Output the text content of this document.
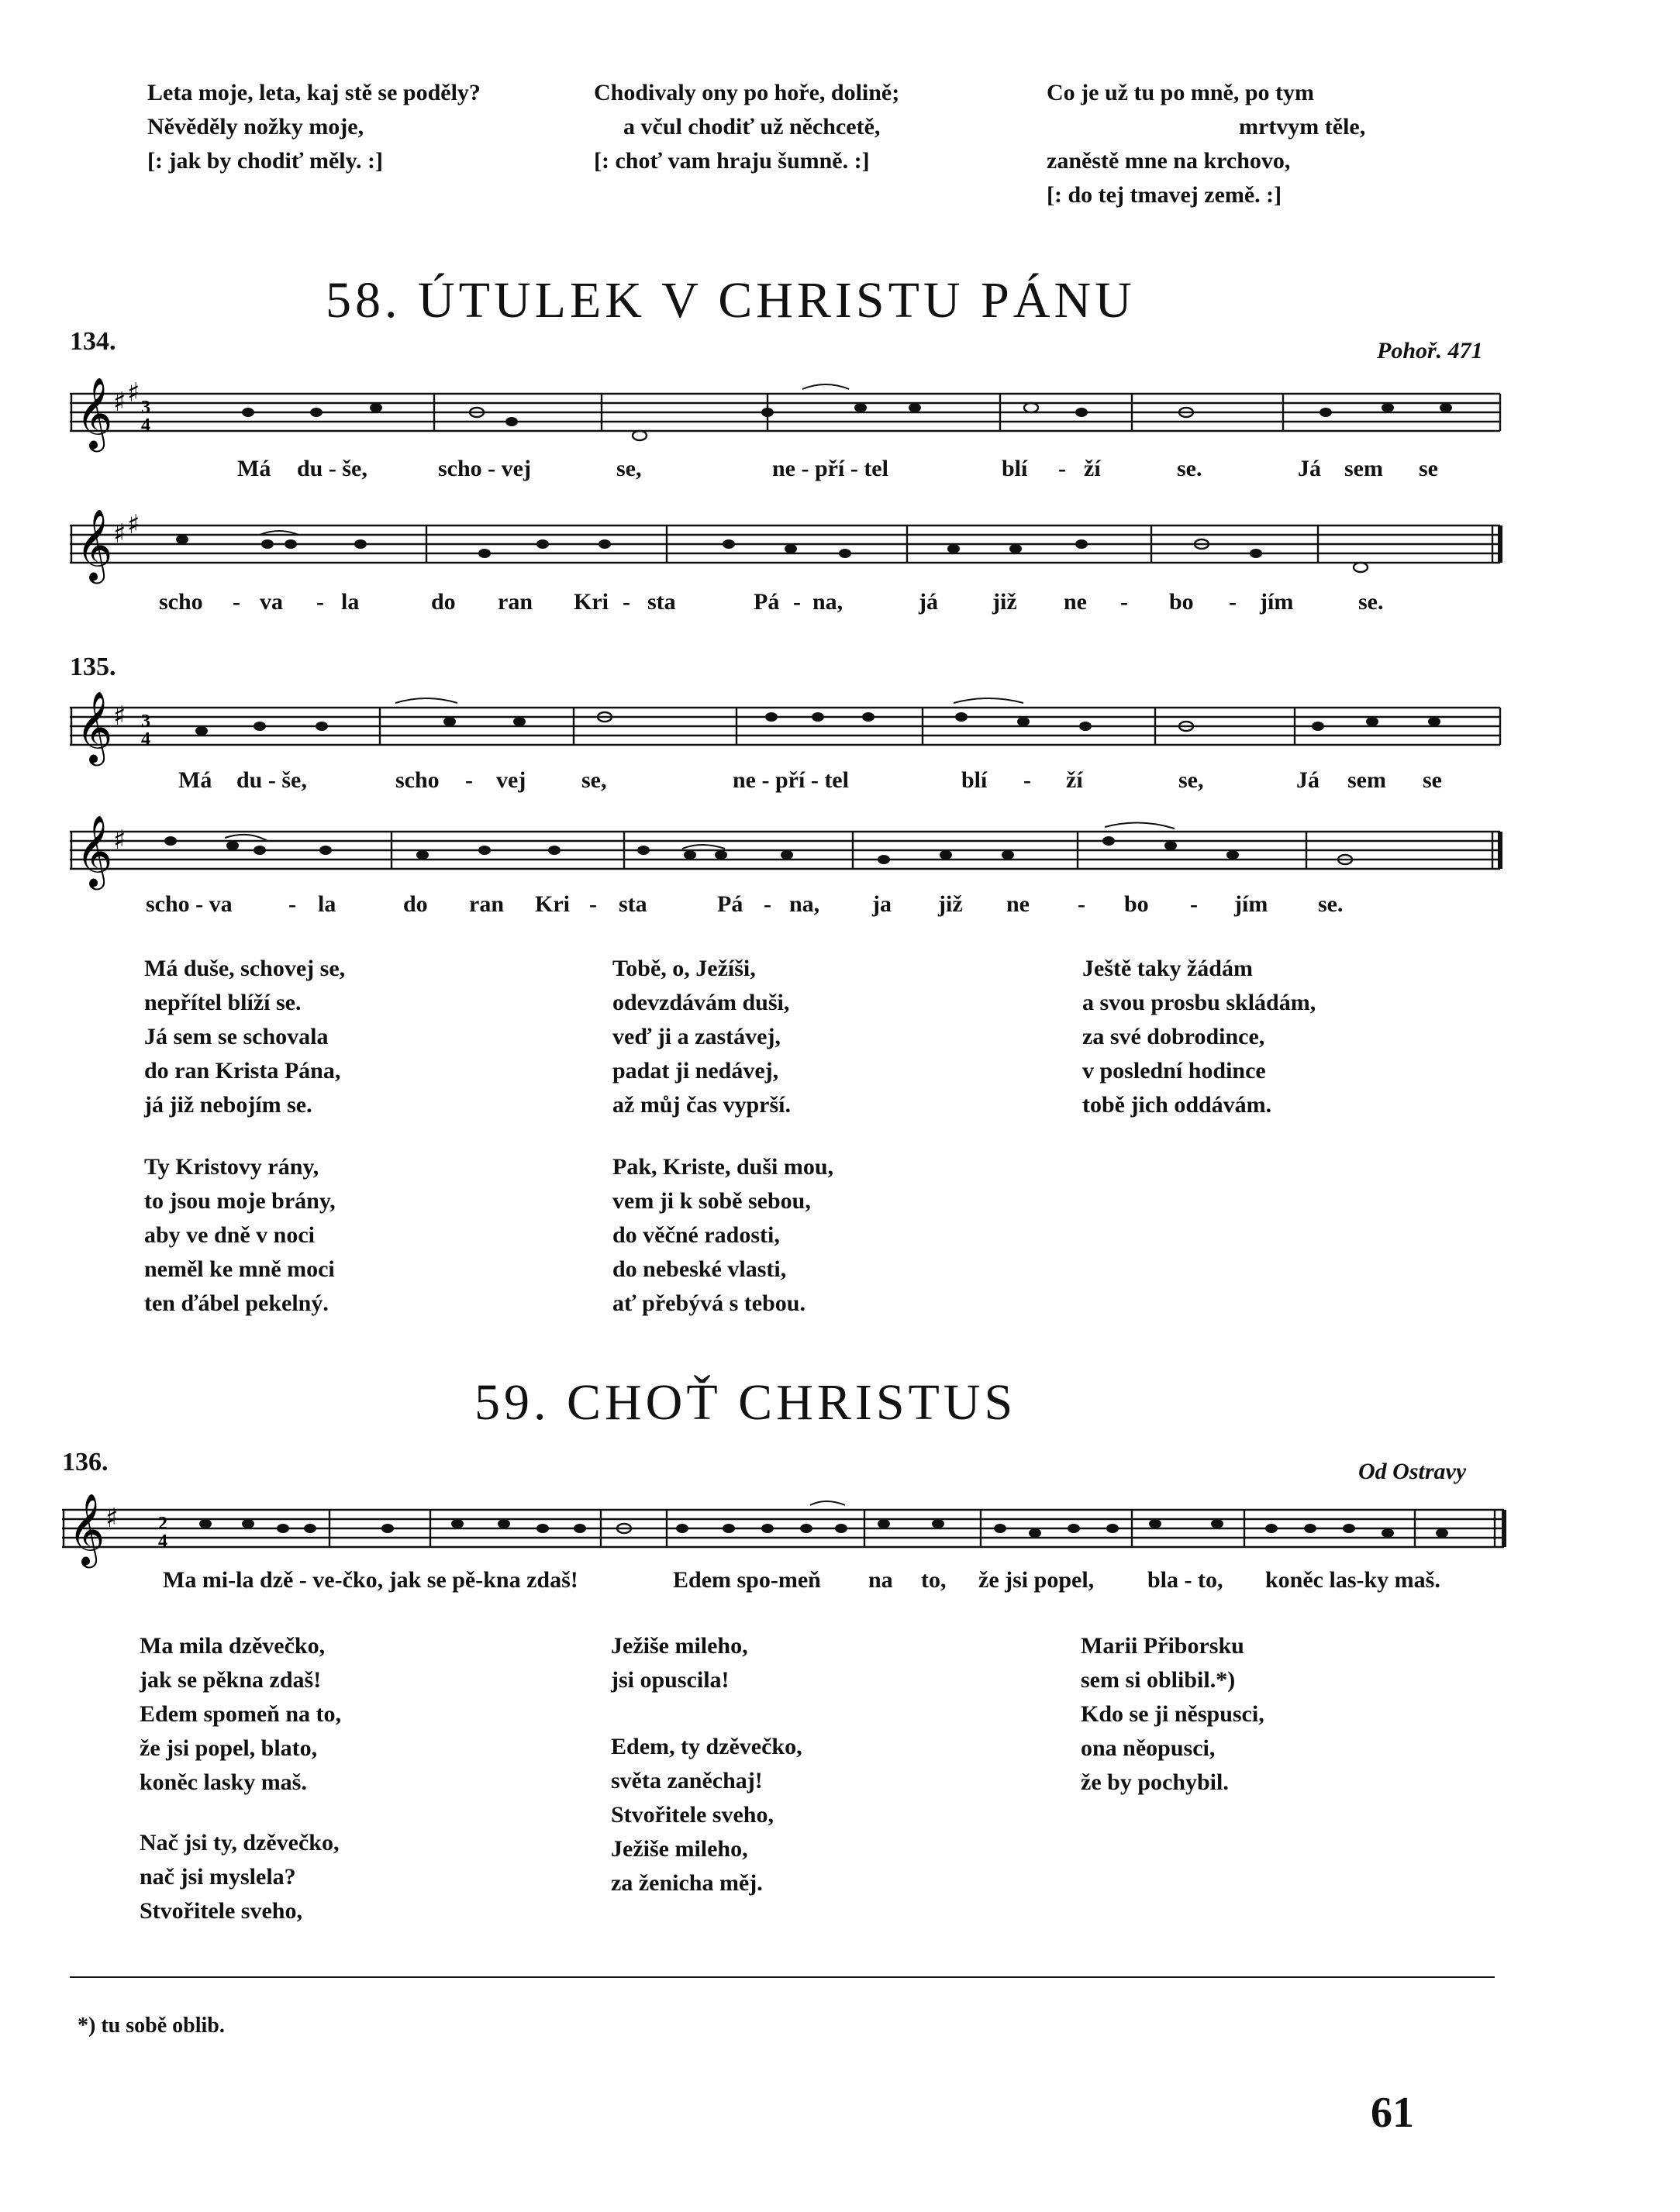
Leta moje, leta, kaj stě se poděly?
Něvěděly nožky moje,
[: jak by chodiť měly. :]
Chodivaly ony po hoře, dolině;
a včul chodiť už něchcetě,
[: choť vam hraju šumně. :]
Co je už tu po mně, po tym
mrtvym těle,
zaněstě mne na krchovo,
[: do tej tmavej země. :]
58. ÚTULEK V CHRISTU PÁNU
134.	Pohoř. 471
𝄞 ♯ ♯ 3
4
Má du - še,	scho - vej	se,	ne - pří - tel	blí - ží	se.	Já sem se
𝄞 ♯ ♯
scho - va - la	do ran Kri - sta	Pá - na,	já již ne - bo - jím	se.
135.
𝄞 ♯ 3
4
Má du - še,	scho - vej se,	ne - pří - tel	blí - ží	se,	Já sem se
𝄞 ♯
scho - va - la	do ran Kri - sta	Pá - na, ja již ne - bo - jím se.
Má duše, schovej se,
nepřítel blíží se.
Já sem se schovala
do ran Krista Pána,
já již nebojím se.
Tobě, o, Ježíši,
odevzdávám duši,
veď ji a zastávej,
padat ji nedávej,
až můj čas vyprší.
Ještě taky žádám
a svou prosbu skládám,
za své dobrodince,
v poslední hodince
tobě jich oddávám.
Ty Kristovy rány,
to jsou moje brány,
aby ve dně v noci
neměl ke mně moci
ten ďábel pekelný.
Pak, Kriste, duši mou,
vem ji k sobě sebou,
do věčné radosti,
do nebeské vlasti,
ať přebývá s tebou.
59. CHOŤ CHRISTUS
136.	Od Ostravy
𝄞 ♯ 2
4
Ma mi-la dzě - ve-čko, jak se pě-kna zdaš!	Edem spo-meň na to, že jsi popel, bla - to, koněc las-ky maš.
Ma mila dzěvečko,
jak se pěkna zdaš!
Edem spomeň na to,
že jsi popel, blato,
koněc lasky maš.
Nač jsi ty, dzěvečko,
nač jsi myslela?
Stvořitele sveho,
Ježiše mileho,
jsi opuscila!
Edem, ty dzěvečko,
světa zaněchaj!
Stvořitele sveho,
Ježiše mileho,
za ženicha měj.
Marii Přiborsku
sem si oblibil.*)
Kdo se ji něspusci,
ona něopusci,
že by pochybil.
*) tu sobě oblib.
61
